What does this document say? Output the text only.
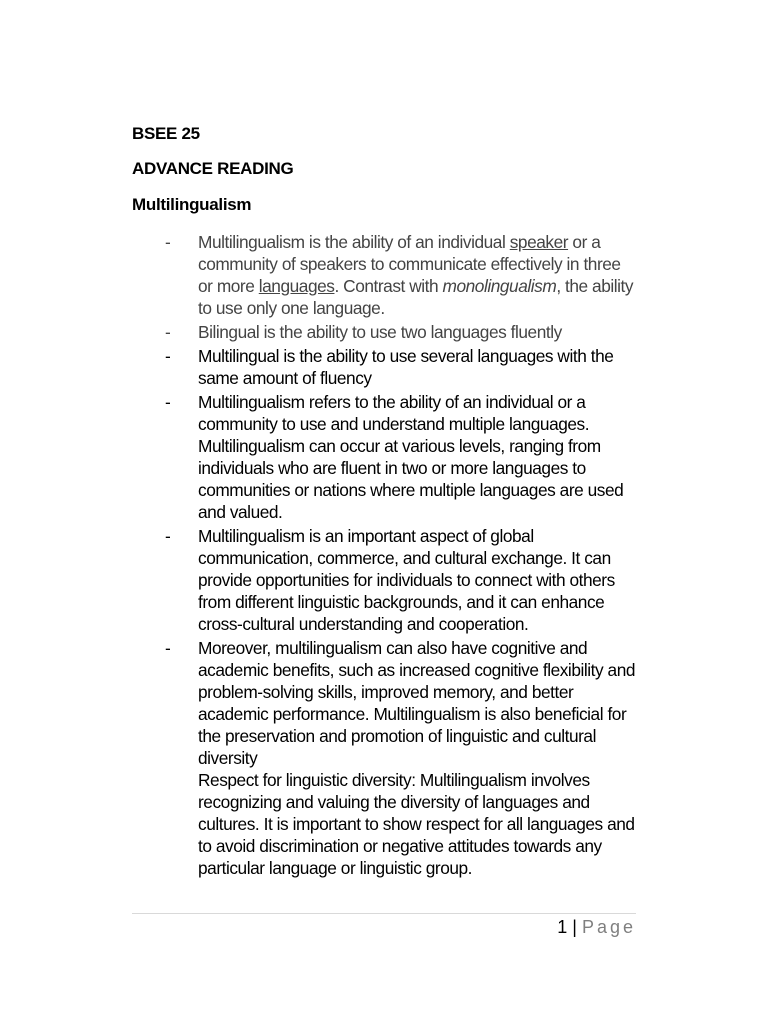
BSEE 25
ADVANCE READING
Multilingualism
- Multilingualism is the ability of an individual speaker or a community of speakers to communicate effectively in three or more languages. Contrast with monolingualism, the ability to use only one language.
- Bilingual is the ability to use two languages fluently
- Multilingual is the ability to use several languages with the same amount of fluency
- Multilingualism refers to the ability of an individual or a community to use and understand multiple languages. Multilingualism can occur at various levels, ranging from individuals who are fluent in two or more languages to communities or nations where multiple languages are used and valued.
- Multilingualism is an important aspect of global communication, commerce, and cultural exchange. It can provide opportunities for individuals to connect with others from different linguistic backgrounds, and it can enhance cross-cultural understanding and cooperation.
- Moreover, multilingualism can also have cognitive and academic benefits, such as increased cognitive flexibility and problem-solving skills, improved memory, and better academic performance. Multilingualism is also beneficial for the preservation and promotion of linguistic and cultural diversity
Respect for linguistic diversity: Multilingualism involves recognizing and valuing the diversity of languages and cultures. It is important to show respect for all languages and to avoid discrimination or negative attitudes towards any particular language or linguistic group.
1 | Page
